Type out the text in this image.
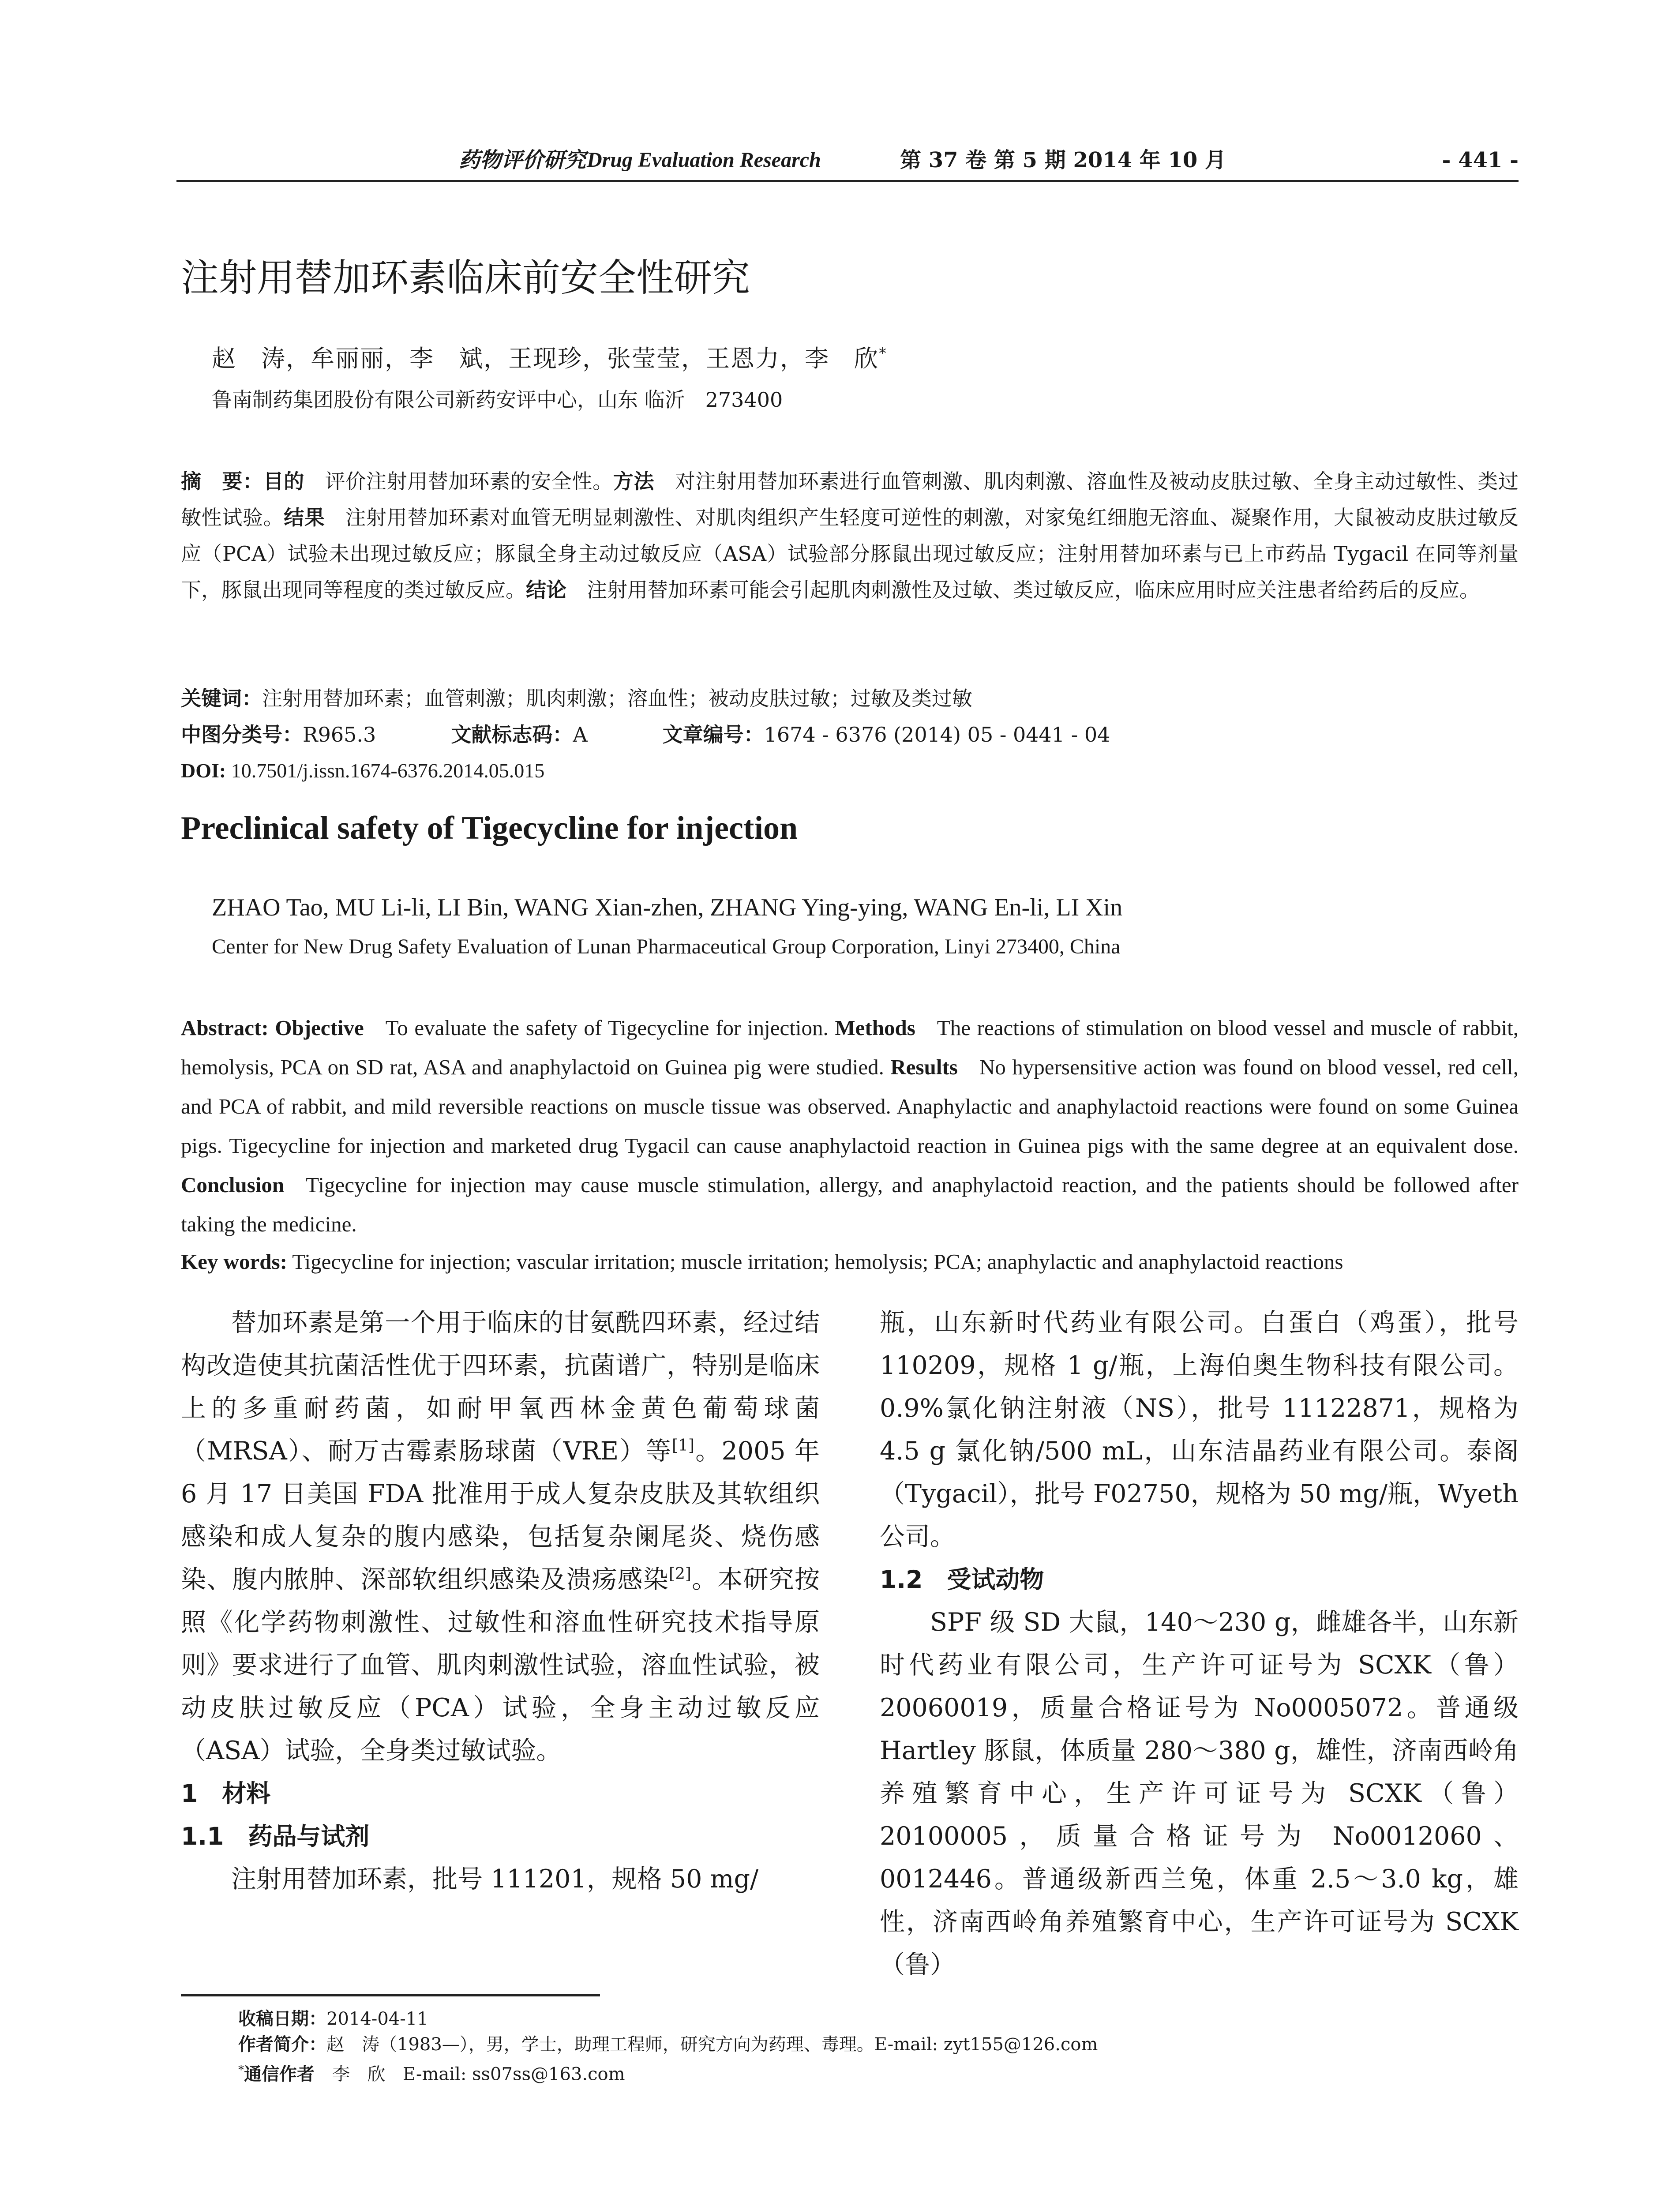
药物评价研究 Drug Evaluation Research	第 37 卷 第 5 期 2014 年 10 月	- 441 -
注射用替加环素临床前安全性研究
赵　涛，牟丽丽，李　斌，王现珍，张莹莹，王恩力，李　欣*
鲁南制药集团股份有限公司新药安评中心，山东 临沂　273400
摘　要：目的  评价注射用替加环素的安全性。方法  对注射用替加环素进行血管刺激、肌肉刺激、溶血性及被动皮肤过敏、全身主动过敏性、类过敏性试验。结果  注射用替加环素对血管无明显刺激性、对肌肉组织产生轻度可逆性的刺激，对家兔红细胞无溶血、凝聚作用，大鼠被动皮肤过敏反应（PCA）试验未出现过敏反应；豚鼠全身主动过敏反应（ASA）试验部分豚鼠出现过敏反应；注射用替加环素与已上市药品 Tygacil 在同等剂量下，豚鼠出现同等程度的类过敏反应。结论  注射用替加环素可能会引起肌肉刺激性及过敏、类过敏反应，临床应用时应关注患者给药后的反应。
关键词：注射用替加环素；血管刺激；肌肉刺激；溶血性；被动皮肤过敏；过敏及类过敏
中图分类号：R965.3	文献标志码：A	文章编号：1674 - 6376 (2014) 05 - 0441 - 04
DOI: 10.7501/j.issn.1674-6376.2014.05.015
Preclinical safety of Tigecycline for injection
ZHAO Tao, MU Li-li, LI Bin, WANG Xian-zhen, ZHANG Ying-ying, WANG En-li, LI Xin
Center for New Drug Safety Evaluation of Lunan Pharmaceutical Group Corporation, Linyi 273400, China
Abstract: Objective  To evaluate the safety of Tigecycline for injection. Methods  The reactions of stimulation on blood vessel and muscle of rabbit, hemolysis, PCA on SD rat, ASA and anaphylactoid on Guinea pig were studied. Results  No hypersensitive action was found on blood vessel, red cell, and PCA of rabbit, and mild reversible reactions on muscle tissue was observed. Anaphylactic and anaphylactoid reactions were found on some Guinea pigs. Tigecycline for injection and marketed drug Tygacil can cause anaphylactoid reaction in Guinea pigs with the same degree at an equivalent dose. Conclusion  Tigecycline for injection may cause muscle stimulation, allergy, and anaphylactoid reaction, and the patients should be followed after taking the medicine.
Key words: Tigecycline for injection; vascular irritation; muscle irritation; hemolysis; PCA; anaphylactic and anaphylactoid reactions

替加环素是第一个用于临床的甘氨酰四环素，经过结构改造使其抗菌活性优于四环素，抗菌谱广，特别是临床上的多重耐药菌，如耐甲氧西林金黄色葡萄球菌（MRSA）、耐万古霉素肠球菌（VRE）等[1]。2005 年 6 月 17 日美国 FDA 批准用于成人复杂皮肤及其软组织感染和成人复杂的腹内感染，包括复杂阑尾炎、烧伤感染、腹内脓肿、深部软组织感染及溃疡感染[2]。本研究按照《化学药物刺激性、过敏性和溶血性研究技术指导原则》要求进行了血管、肌肉刺激性试验，溶血性试验，被动皮肤过敏反应（PCA）试验，全身主动过敏反应（ASA）试验，全身类过敏试验。

1　材料
1.1　药品与试剂

注射用替加环素，批号 111201，规格 50 mg/

瓶，山东新时代药业有限公司。白蛋白（鸡蛋），批号 110209，规格 1 g/瓶，上海伯奥生物科技有限公司。0.9%氯化钠注射液（NS），批号 11122871，规格为 4.5 g 氯化钠/500 mL，山东洁晶药业有限公司。泰阁（Tygacil），批号 F02750，规格为 50 mg/瓶，Wyeth 公司。

1.2　受试动物

SPF 级 SD 大鼠，140～230 g，雌雄各半，山东新时代药业有限公司，生产许可证号为 SCXK（鲁）20060019，质量合格证号为 No0005072。普通级 Hartley 豚鼠，体质量 280～380 g，雄性，济南西岭角养殖繁育中心，生产许可证号为 SCXK（鲁）20100005，质量合格证号为 No0012060、0012446。普通级新西兰兔，体重 2.5～3.0 kg，雄性，济南西岭角养殖繁育中心，生产许可证号为 SCXK（鲁）

收稿日期：2014-04-11
作者简介：赵　涛（1983—），男，学士，助理工程师，研究方向为药理、毒理。E-mail: zyt155@126.com
*通信作者  李　欣　E-mail: ss07ss@163.com
